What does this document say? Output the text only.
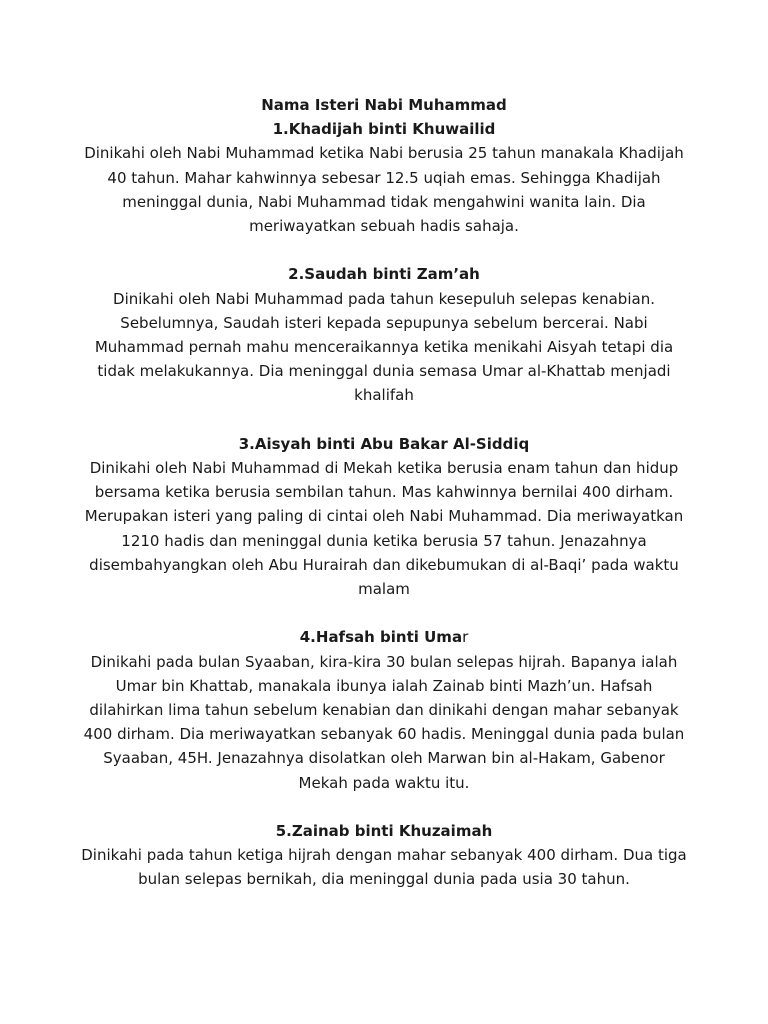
Nama Isteri Nabi Muhammad

1.Khadijah binti Khuwailid

Dinikahi oleh Nabi Muhammad ketika Nabi berusia 25 tahun manakala Khadijah 40 tahun. Mahar kahwinnya sebesar 12.5 uqiah emas. Sehingga Khadijah meninggal dunia, Nabi Muhammad tidak mengahwini wanita lain. Dia meriwayatkan sebuah hadis sahaja.

2.Saudah binti Zam’ah

Dinikahi oleh Nabi Muhammad pada tahun kesepuluh selepas kenabian. Sebelumnya, Saudah isteri kepada sepupunya sebelum bercerai. Nabi Muhammad pernah mahu menceraikannya ketika menikahi Aisyah tetapi dia tidak melakukannya. Dia meninggal dunia semasa Umar al-Khattab menjadi khalifah

3.Aisyah binti Abu Bakar Al-Siddiq

Dinikahi oleh Nabi Muhammad di Mekah ketika berusia enam tahun dan hidup bersama ketika berusia sembilan tahun. Mas kahwinnya bernilai 400 dirham. Merupakan isteri yang paling di cintai oleh Nabi Muhammad. Dia meriwayatkan 1210 hadis dan meninggal dunia ketika berusia 57 tahun. Jenazahnya disembahyangkan oleh Abu Hurairah dan dikebumukan di al-Baqi’ pada waktu malam

4.Hafsah binti Umar

Dinikahi pada bulan Syaaban, kira-kira 30 bulan selepas hijrah. Bapanya ialah Umar bin Khattab, manakala ibunya ialah Zainab binti Mazh’un. Hafsah dilahirkan lima tahun sebelum kenabian dan dinikahi dengan mahar sebanyak 400 dirham. Dia meriwayatkan sebanyak 60 hadis. Meninggal dunia pada bulan Syaaban, 45H. Jenazahnya disolatkan oleh Marwan bin al-Hakam, Gabenor Mekah pada waktu itu.

5.Zainab binti Khuzaimah

Dinikahi pada tahun ketiga hijrah dengan mahar sebanyak 400 dirham. Dua tiga bulan selepas bernikah, dia meninggal dunia pada usia 30 tahun.
